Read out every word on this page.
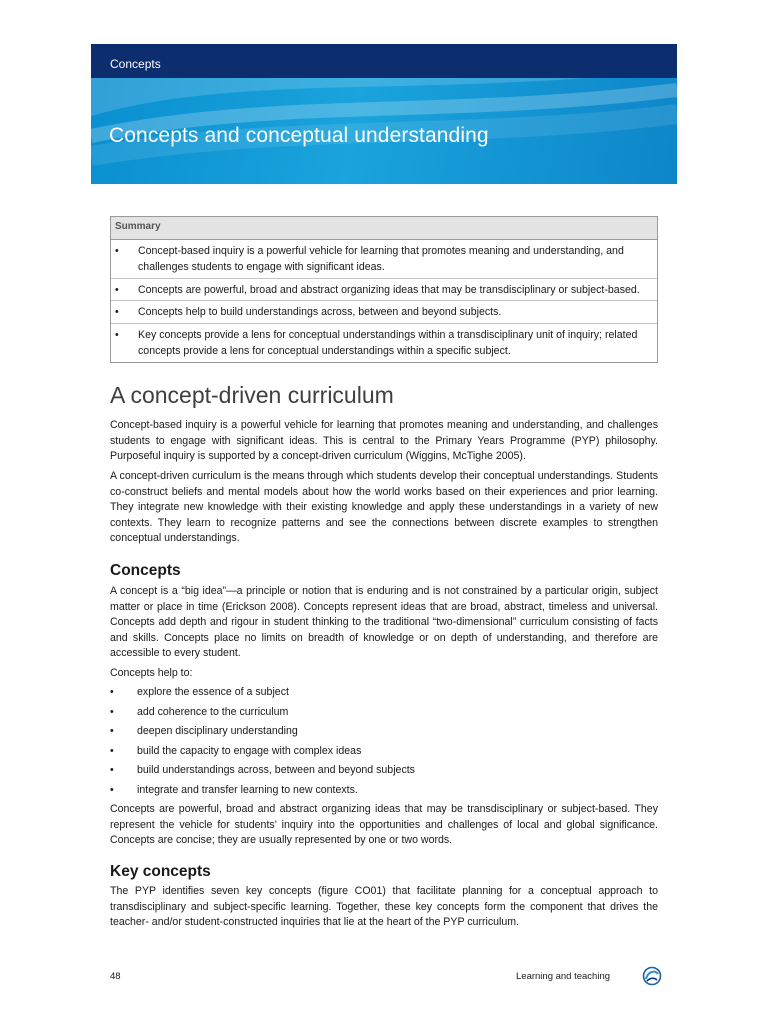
Concepts
Concepts and conceptual understanding
Summary
• Concept-based inquiry is a powerful vehicle for learning that promotes meaning and understanding, and challenges students to engage with significant ideas.
• Concepts are powerful, broad and abstract organizing ideas that may be transdisciplinary or subject-based.
• Concepts help to build understandings across, between and beyond subjects.
• Key concepts provide a lens for conceptual understandings within a transdisciplinary unit of inquiry; related concepts provide a lens for conceptual understandings within a specific subject.
A concept-driven curriculum

Concept-based inquiry is a powerful vehicle for learning that promotes meaning and understanding, and challenges students to engage with significant ideas. This is central to the Primary Years Programme (PYP) philosophy. Purposeful inquiry is supported by a concept-driven curriculum (Wiggins, McTighe 2005).

A concept-driven curriculum is the means through which students develop their conceptual understandings. Students co-construct beliefs and mental models about how the world works based on their experiences and prior learning. They integrate new knowledge with their existing knowledge and apply these understandings in a variety of new contexts. They learn to recognize patterns and see the connections between discrete examples to strengthen conceptual understandings.

Concepts

A concept is a “big idea”—a principle or notion that is enduring and is not constrained by a particular origin, subject matter or place in time (Erickson 2008). Concepts represent ideas that are broad, abstract, timeless and universal. Concepts add depth and rigour in student thinking to the traditional “two-dimensional” curriculum consisting of facts and skills. Concepts place no limits on breadth of knowledge or on depth of understanding, and therefore are accessible to every student.

Concepts help to:

• explore the essence of a subject
• add coherence to the curriculum
• deepen disciplinary understanding
• build the capacity to engage with complex ideas
• build understandings across, between and beyond subjects
• integrate and transfer learning to new contexts.

Concepts are powerful, broad and abstract organizing ideas that may be transdisciplinary or subject-based. They represent the vehicle for students’ inquiry into the opportunities and challenges of local and global significance. Concepts are concise; they are usually represented by one or two words.

Key concepts

The PYP identifies seven key concepts (figure CO01) that facilitate planning for a conceptual approach to transdisciplinary and subject-specific learning. Together, these key concepts form the component that drives the teacher- and/or student-constructed inquiries that lie at the heart of the PYP curriculum.

48	Learning and teaching
